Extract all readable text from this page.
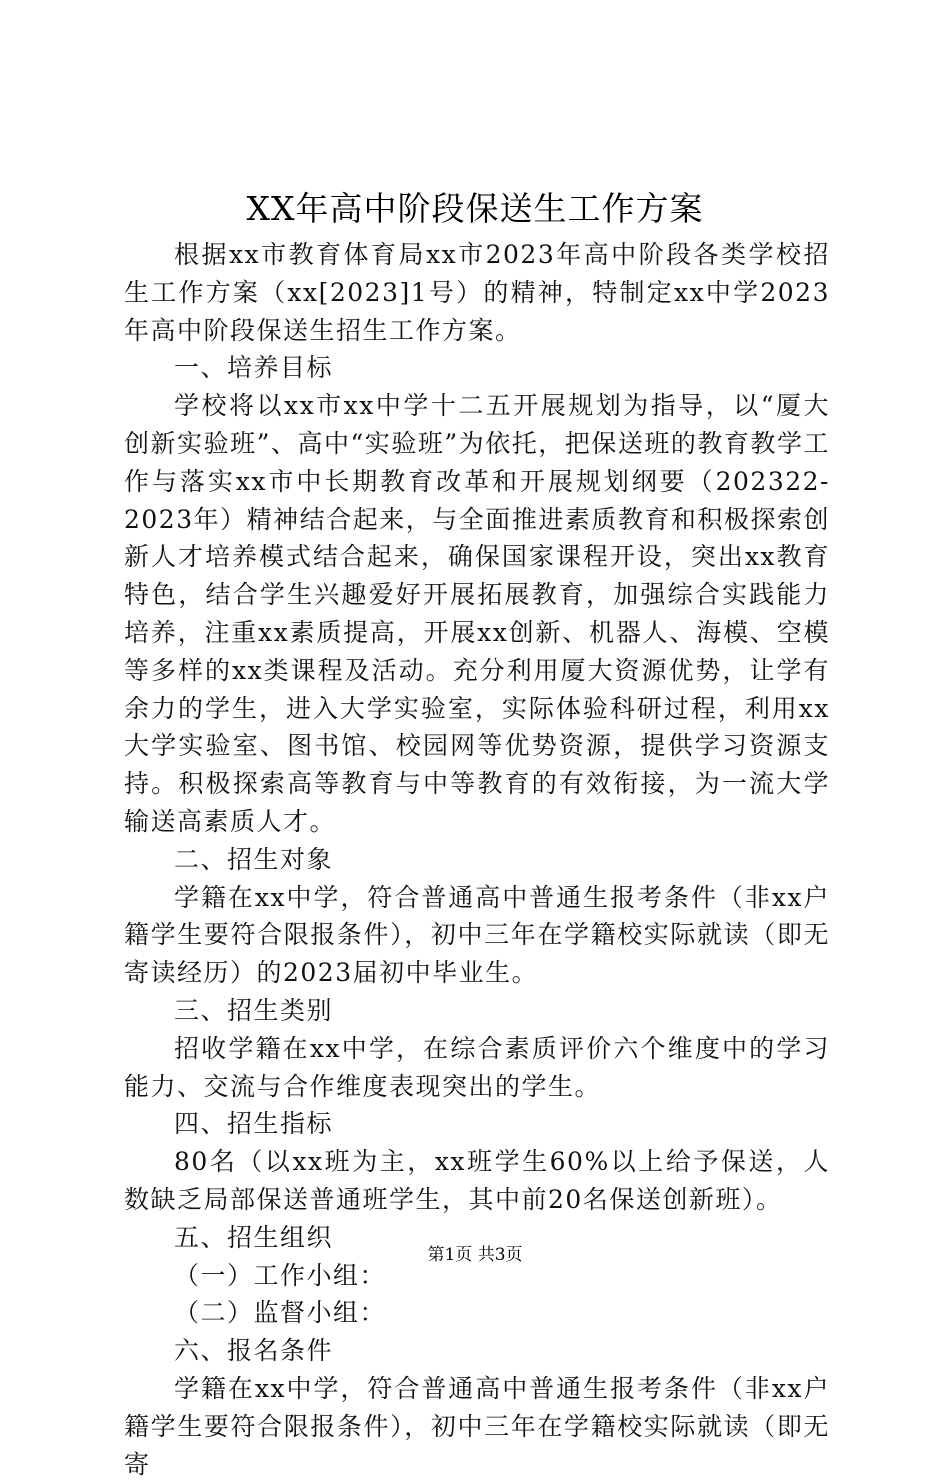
XX年高中阶段保送生工作方案

根据xx市教育体育局xx市2023年高中阶段各类学校招生工作方案（xx[2023]1号）的精神，特制定xx中学2023年高中阶段保送生招生工作方案。

一、培养目标

学校将以xx市xx中学十二五开展规划为指导，以“厦大创新实验班”、高中“实验班”为依托，把保送班的教育教学工作与落实xx市中长期教育改革和开展规划纲要（202322-2023年）精神结合起来，与全面推进素质教育和积极探索创新人才培养模式结合起来，确保国家课程开设，突出xx教育特色，结合学生兴趣爱好开展拓展教育，加强综合实践能力培养，注重xx素质提高，开展xx创新、机器人、海模、空模等多样的xx类课程及活动。充分利用厦大资源优势，让学有余力的学生，进入大学实验室，实际体验科研过程，利用xx大学实验室、图书馆、校园网等优势资源，提供学习资源支持。积极探索高等教育与中等教育的有效衔接，为一流大学输送高素质人才。

二、招生对象

学籍在xx中学，符合普通高中普通生报考条件（非xx户籍学生要符合限报条件），初中三年在学籍校实际就读（即无寄读经历）的2023届初中毕业生。

三、招生类别

招收学籍在xx中学，在综合素质评价六个维度中的学习能力、交流与合作维度表现突出的学生。

四、招生指标

80名（以xx班为主，xx班学生60%以上给予保送，人数缺乏局部保送普通班学生，其中前20名保送创新班）。

五、招生组织

（一）工作小组：

（二）监督小组：

六、报名条件

学籍在xx中学，符合普通高中普通生报考条件（非xx户籍学生要符合限报条件），初中三年在学籍校实际就读（即无寄

第1页 共3页
